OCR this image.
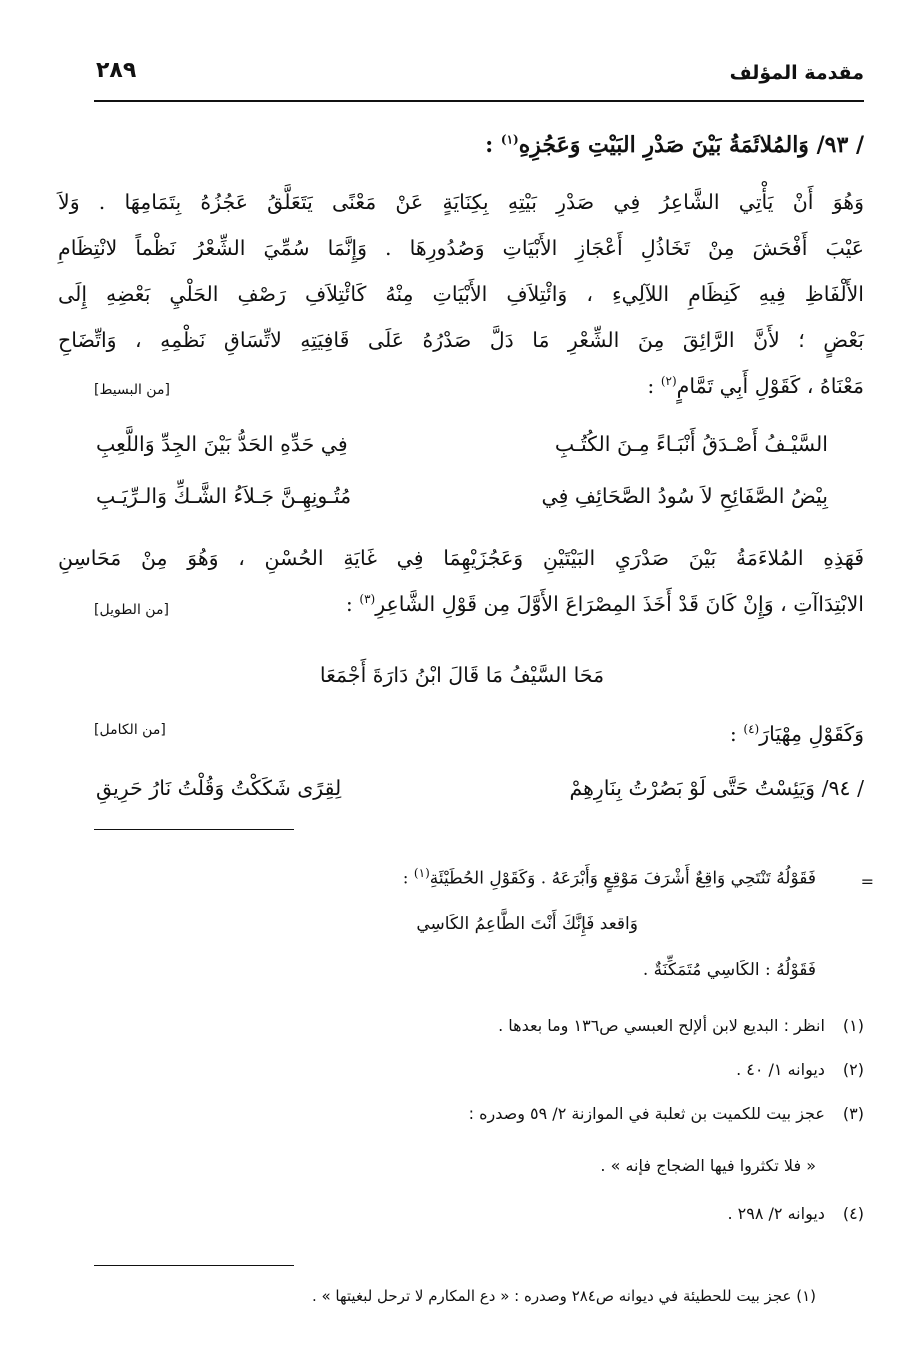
مقدمة المؤلف
٢٨٩
/ ٩٣/ وَالمُلائَمَةُ بَيْنَ صَدْرِ البَيْتِ وَعَجُزِهِ$^{(١)}$ :
وَهُوَ أَنْ يَأْتِي الشَّاعِرُ فِي صَدْرِ بَيْتِهِ بِكِنَايَةٍ عَنْ مَعْنًى يَتَعَلَّقُ عَجُزُهُ بِتَمَامِهَا . وَلاَ
عَيْبَ أَفْحَشَ مِنْ تَخَاذُلِ أَعْجَازِ الأَبْيَاتِ وَصُدُورِهَا . وَإِنَّمَا سُمِّيَ الشِّعْرُ نَظْماً لانْتِظَامِ
الأَلْفَاظِ فِيهِ كَنِظَامِ اللآلِيءِ ، وَائْتِلاَفِ الأَبْيَاتِ مِنْهُ كَائْتِلاَفِ رَصْفِ الحَلْيِ بَعْضِهِ إِلَى
بَعْضٍ ؛ لأَنَّ الرَّائِقَ مِنَ الشِّعْرِ مَا دَلَّ صَدْرُهُ عَلَى قَافِيَتِهِ لاتِّسَاقِ نَظْمِهِ ، وَاتِّضَاحِ
مَعْنَاهُ ، كَقَوْلِ أَبِي تَمَّامٍ$^{(٢)}$ :
[من البسيط]
السَّيْـفُ أَصْـدَقُ أَنْبَـاءً مِـنَ الكُتُـبِ
فِي حَدِّهِ الحَدُّ بَيْنَ الجِدِّ وَاللَّعِبِ
بِيْضُ الصَّفَائِحِ لاَ سُودُ الصَّحَائِفِ فِي
مُتُـونِهِـنَّ جَـلاَءُ الشَّـكِّ وَالـرِّيَـبِ
فَهَذِهِ المُلاءَمَةُ بَيْنَ صَدْرَيِ البَيْتَيْنِ وَعَجُزَيْهِمَا فِي غَايَةِ الحُسْنِ ، وَهُوَ مِنْ مَحَاسِنِ
الابْتِدَاآتِ ، وَإِنْ كَانَ قَدْ أَخَذَ المِصْرَاعَ الأَوَّلَ مِن قَوْلِ الشَّاعِرِ$^{(٣)}$ :
[من الطويل]
مَحَا السَّيْفُ مَا قَالَ ابْنُ دَارَةَ أَجْمَعَا
وَكَقَوْلِ مِهْيَارَ$^{(٤)}$ :
[من الكامل]
/ ٩٤/ وَيَئِسْتُ حَتَّى لَوْ بَصُرْتُ بِنَارِهِمْ
لِقِرًى شَكَكْتُ وَقُلْتُ نَارُ حَرِيقِ
=
فَقَوْلُهُ تَنْتَحِي وَاقِعٌ أَشْرَفَ مَوْقِعٍ وَأَبْرَعَهُ . وَكَقَوْلِ الحُطَيْئَةِ$^{(١)}$ :
وَاقعد فَإِنَّكَ أَنْتَ الطَّاعِمُ الكَاسِي
فَقَوْلُهُ : الكَاسِي مُتَمَكِّنَةٌ .
(١) انظر : البديع لابن ألإلح العبسي ص١٣٦ وما بعدها .
(٢) ديوانه ١/ ٤٠ .
(٣) عجز بيت للكميت بن ثعلبة في الموازنة ٢/ ٥٩ وصدره :
« فلا تكثروا فيها الضجاج فإنه » .
(٤) ديوانه ٢/ ٢٩٨ .
(١) عجز بيت للحطيئة في ديوانه ص٢٨٤ وصدره : « دع المكارم لا ترحل لبغيتها » .
